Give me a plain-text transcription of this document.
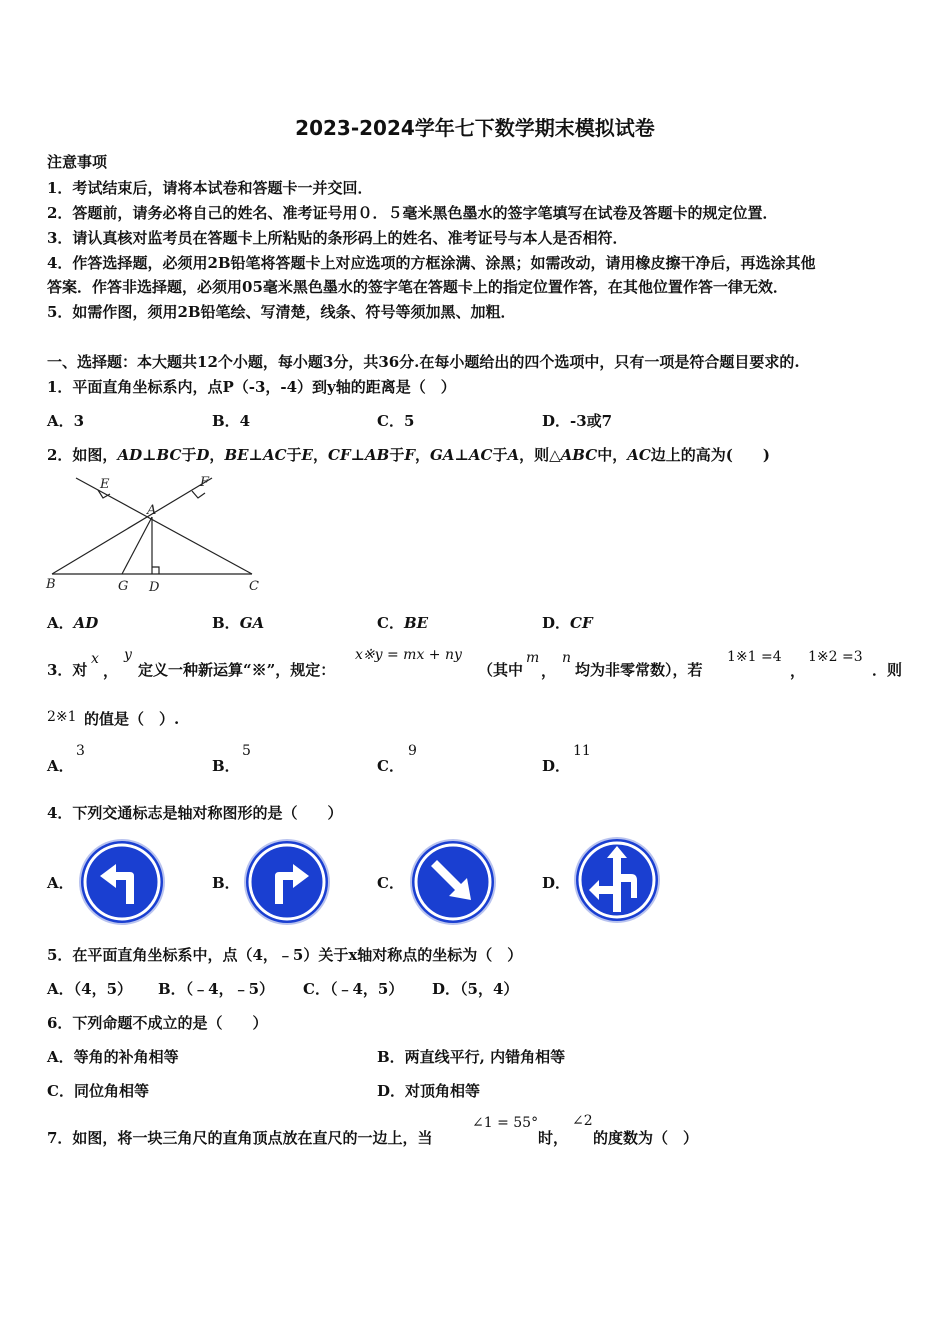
2023-2024学年七下数学期末模拟试卷
注意事项
1．考试结束后，请将本试卷和答题卡一并交回．
2．答题前，请务必将自己的姓名、准考证号用０．５毫米黑色墨水的签字笔填写在试卷及答题卡的规定位置．
3．请认真核对监考员在答题卡上所粘贴的条形码上的姓名、准考证号与本人是否相符．
4．作答选择题，必须用2B铅笔将答题卡上对应选项的方框涂满、涂黑；如需改动，请用橡皮擦干净后，再选涂其他
答案．作答非选择题，必须用05毫米黑色墨水的签字笔在答题卡上的指定位置作答，在其他位置作答一律无效．
5．如需作图，须用2B铅笔绘、写清楚，线条、符号等须加黑、加粗．
一、选择题：本大题共12个小题，每小题3分，共36分.在每小题给出的四个选项中，只有一项是符合题目要求的.
1．平面直角坐标系内，点P（-3，-4）到y轴的距离是（　）
A．3	B．4	C．5	D．-3或7
2．如图，AD⊥BC于D，BE⊥AC于E，CF⊥AB于F，GA⊥AC于A，则△ABC中，AC边上的高为(　　)
E	F
A
B	G D	C
A．AD	B．GA	C．BE	D．CF
3．对
x
，
y
定义一种新运算“※”，规定：
x※y = mx + ny
（其中
m
，
n
均为非零常数），若
1※1 =4
，
1※2 =3
．则
2※1 的值是（　）.
A．
3
B．
5
C．
9
D．
11
4．下列交通标志是轴对称图形的是（　　）
A．	B．	C．	D．
5．在平面直角坐标系中，点（4，﹣5）关于x轴对称点的坐标为（　）
A．（4，5） B．（﹣4，﹣5） C．（﹣4，5） D．（5，4）
6．下列命题不成立的是（　　）
A．等角的补角相等	B．两直线平行, 内错角相等
C．同位角相等	D．对顶角相等
7．如图，将一块三角尺的直角顶点放在直尺的一边上，当
∠1 = 55°
时，
∠2
的度数为（　）
